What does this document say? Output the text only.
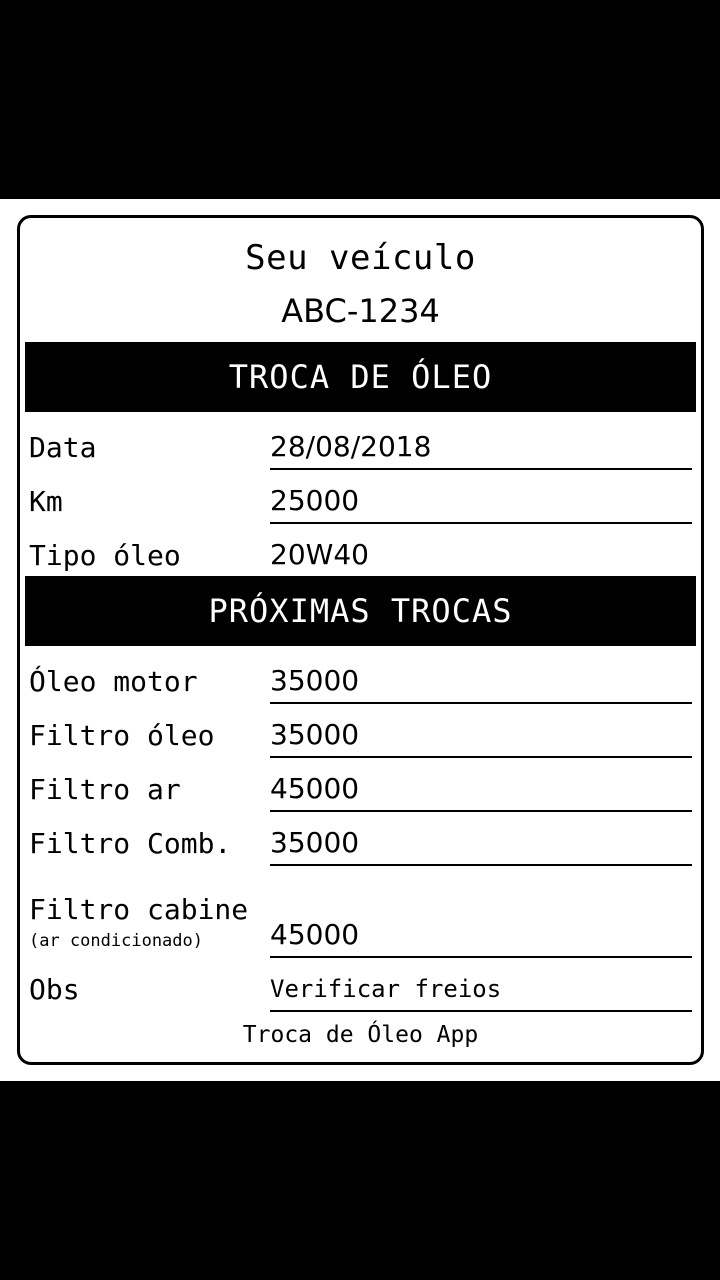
Seu veículo
ABC-1234
TROCA DE ÓLEO
Data	28/08/2018
Km	25000
Tipo óleo	20W40
PRÓXIMAS TROCAS
Óleo motor	35000
Filtro óleo 35000
Filtro ar	45000
Filtro Comb. 35000
Filtro cabine
(ar condicionado)	45000
Obs	Verificar freios
Troca de Óleo App
